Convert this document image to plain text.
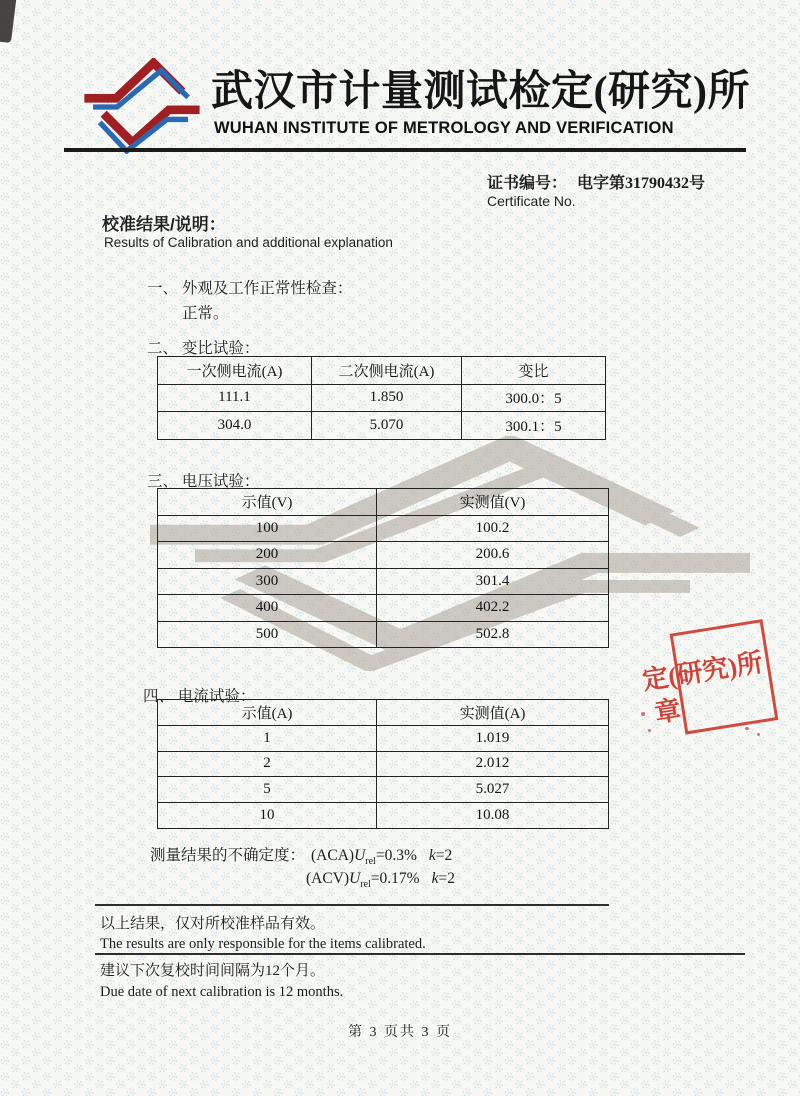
武汉市计量测试检定(研究)所
WUHAN INSTITUTE OF METROLOGY AND VERIFICATION
证书编号： 电字第31790432号
Certificate No.
校准结果/说明：
Results of Calibration and additional explanation
一、 外观及工作正常性检查：
正常。
二、 变比试验：
一次侧电流(A)	二次侧电流(A)	变比
111.1	1.850	300.0：5
304.0	5.070	300.1：5
三、 电压试验：
示值(V)	实测值(V)
100	100.2
200	200.6
300	301.4
400	402.2
500	502.8
四、 电流试验：
示值(A)	实测值(A)
1	1.019
2	2.012
5	5.027
10	10.08
测量结果的不确定度： $(ACA)U_{rel}=0.3\%$ k=2
$(ACV)U_{rel}=0.17\%$ k=2
以上结果，仅对所校准样品有效。
The results are only responsible for the items calibrated.
建议下次复校时间间隔为12个月。
Due date of next calibration is 12 months.
第 3 页共 3 页
定(研究)所
章
